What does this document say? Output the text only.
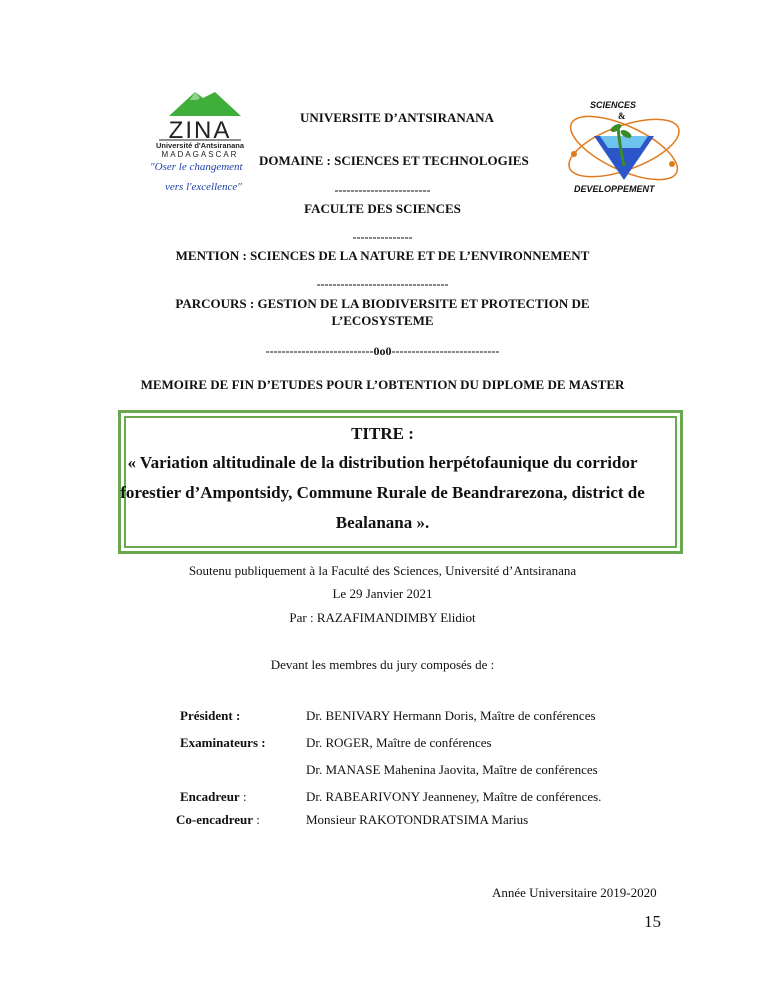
ZINA
Université d'Antsiranana
MADAGASCAR
"Oser le changement
vers l'excellence"
SCIENCES
&
DEVELOPPEMENT
UNIVERSITE D’ANTSIRANANA
DOMAINE : SCIENCES ET TECHNOLOGIES
------------------------
FACULTE DES SCIENCES
---------------
MENTION : SCIENCES DE LA NATURE ET DE L’ENVIRONNEMENT
---------------------------------
PARCOURS : GESTION DE LA BIODIVERSITE ET PROTECTION DE
L’ECOSYSTEME
---------------------------0o0---------------------------
MEMOIRE DE FIN D’ETUDES POUR L’OBTENTION DU DIPLOME DE MASTER
TITRE :
« Variation altitudinale de la distribution herpétofaunique du corridor
forestier d’Ampontsidy, Commune Rurale de Beandrarezona, district de
Bealanana ».
Soutenu publiquement à la Faculté des Sciences, Université d’Antsiranana
Le 29 Janvier 2021
Par : RAZAFIMANDIMBY Elidiot
Devant les membres du jury composés de :
Président :	Dr. BENIVARY Hermann Doris, Maître de conférences
Examinateurs :	Dr. ROGER, Maître de conférences
Dr. MANASE Mahenina Jaovita, Maître de conférences
Encadreur :	Dr. RABEARIVONY Jeanneney, Maître de conférences.
Co-encadreur :	Monsieur RAKOTONDRATSIMA Marius
Année Universitaire 2019-2020
15
